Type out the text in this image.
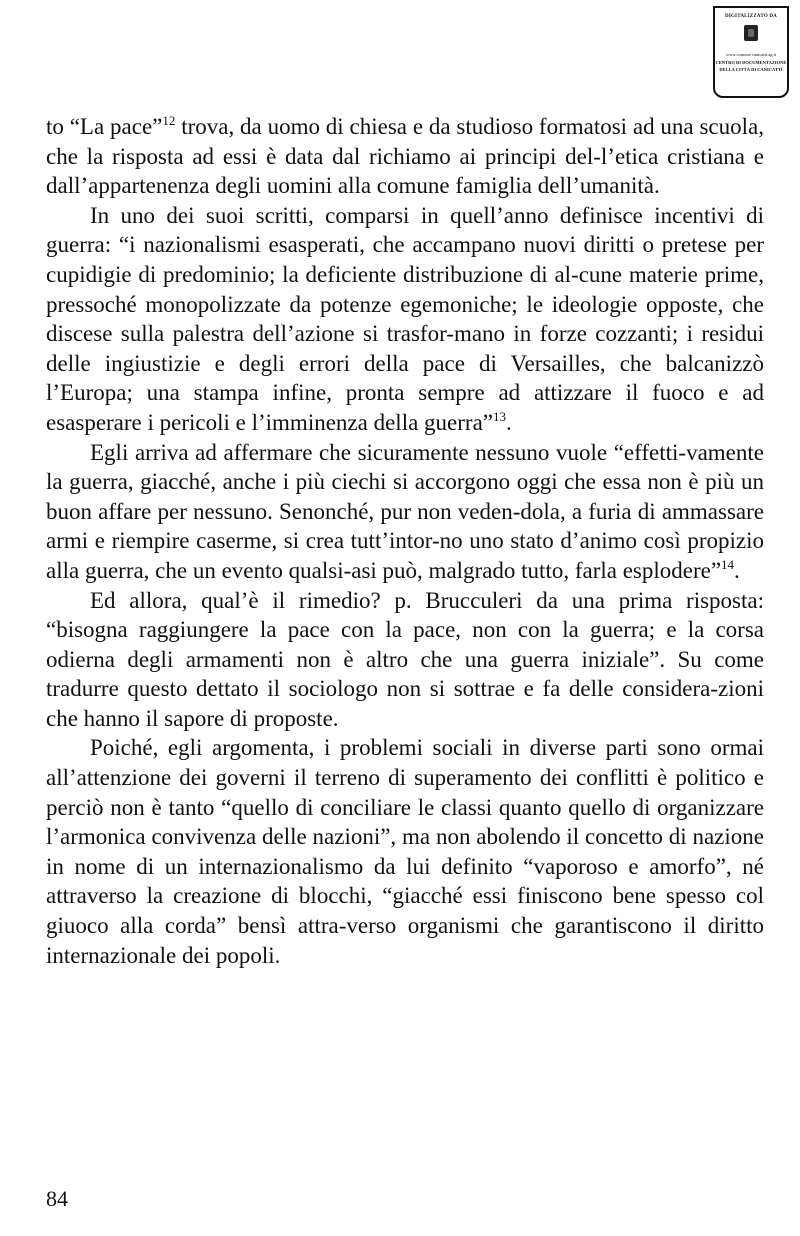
DIGITALIZZATO DA
www.comune.canicatti.ag.it
CENTRO DI DOCUMENTAZIONE
DELLA CITTÀ DI CANICATTÌ

to “La pace”$^{12}$ trova, da uomo di chiesa e da studioso formatosi ad una scuola, che la risposta ad essi è data dal richiamo ai principi del-l’etica cristiana e dall’appartenenza degli uomini alla comune famiglia dell’umanità.

In uno dei suoi scritti, comparsi in quell’anno definisce incentivi di guerra: “i nazionalismi esasperati, che accampano nuovi diritti o pretese per cupidigie di predominio; la deficiente distribuzione di al-cune materie prime, pressoché monopolizzate da potenze egemoniche; le ideologie opposte, che discese sulla palestra dell’azione si trasfor-mano in forze cozzanti; i residui delle ingiustizie e degli errori della pace di Versailles, che balcanizzò l’Europa; una stampa infine, pronta sempre ad attizzare il fuoco e ad esasperare i pericoli e l’imminenza della guerra”$^{13}$.

Egli arriva ad affermare che sicuramente nessuno vuole “effetti-vamente la guerra, giacché, anche i più ciechi si accorgono oggi che essa non è più un buon affare per nessuno. Senonché, pur non veden-dola, a furia di ammassare armi e riempire caserme, si crea tutt’intor-no uno stato d’animo così propizio alla guerra, che un evento qualsi-asi può, malgrado tutto, farla esplodere”$^{14}$.

Ed allora, qual’è il rimedio? p. Brucculeri da una prima risposta: “bisogna raggiungere la pace con la pace, non con la guerra; e la corsa odierna degli armamenti non è altro che una guerra iniziale”. Su come tradurre questo dettato il sociologo non si sottrae e fa delle considera-zioni che hanno il sapore di proposte.

Poiché, egli argomenta, i problemi sociali in diverse parti sono ormai all’attenzione dei governi il terreno di superamento dei conflitti è politico e perciò non è tanto “quello di conciliare le classi quanto quello di organizzare l’armonica convivenza delle nazioni”, ma non abolendo il concetto di nazione in nome di un internazionalismo da lui definito “vaporoso e amorfo”, né attraverso la creazione di blocchi, “giacché essi finiscono bene spesso col giuoco alla corda” bensì attra-verso organismi che garantiscono il diritto internazionale dei popoli.

84
